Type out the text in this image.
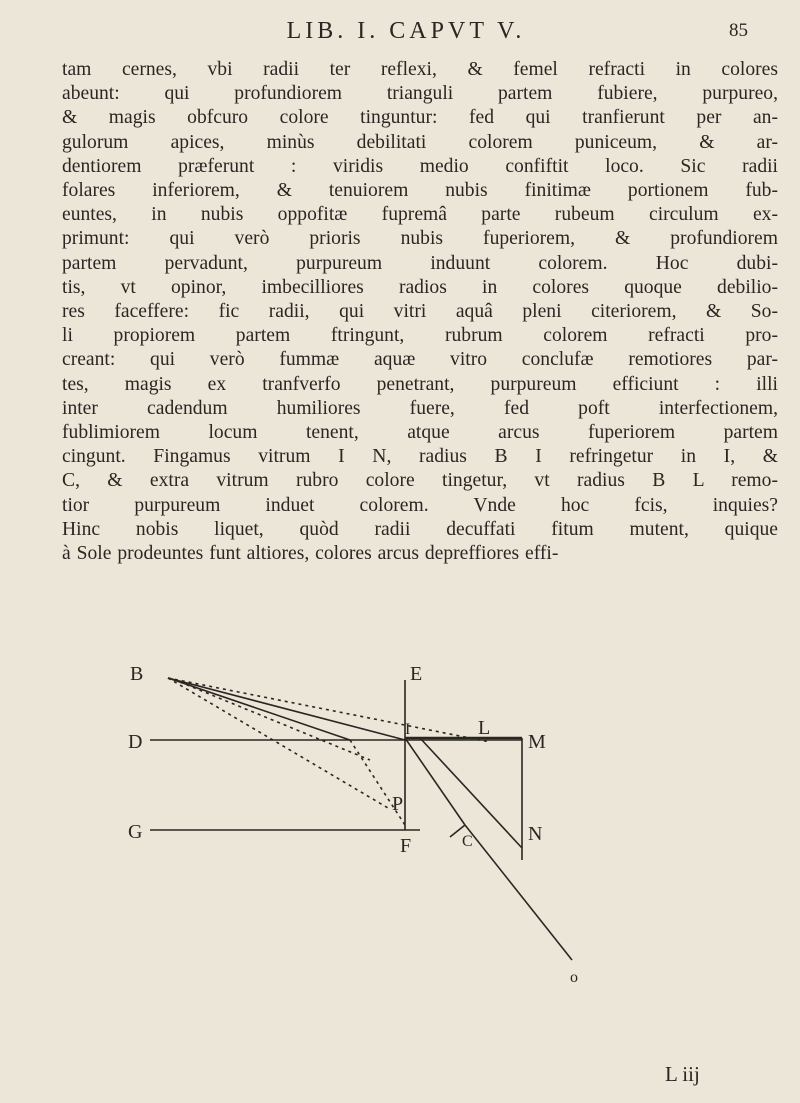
LIB. I. CAPVT V.	85
tam cernes, vbi radii ter reflexi, & femel refracti in colores
abeunt: qui profundiorem trianguli partem fubiere, purpureo,
& magis obfcuro colore tinguntur: fed qui tranfierunt per an-
gulorum apices, minùs debilitati colorem puniceum, & ar-
dentiorem præferunt : viridis medio confiftit loco. Sic radii
folares inferiorem, & tenuiorem nubis finitimæ portionem fub-
euntes, in nubis oppofitæ fupremâ parte rubeum circulum ex-
primunt: qui verò prioris nubis fuperiorem, & profundiorem
partem pervadunt, purpureum induunt colorem. Hoc dubi-
tis, vt opinor, imbecilliores radios in colores quoque debilio-
res faceffere: fic radii, qui vitri aquâ pleni citeriorem, & So-
li propiorem partem ftringunt, rubrum colorem refracti pro-
creant: qui verò fummæ aquæ vitro conclufæ remotiores par-
tes, magis ex tranfverfo penetrant, purpureum efficiunt : illi
inter cadendum humiliores fuere, fed poft interfectionem,
fublimiorem locum tenent, atque arcus fuperiorem partem
cingunt. Fingamus vitrum I N, radius B I refringetur in I, &
C, & extra vitrum rubro colore tingetur, vt radius B L remo-
tior purpureum induet colorem. Vnde hoc fcis, inquies?
Hinc nobis liquet, quòd radii decuffati fitum mutent, quique
à Sole prodeuntes funt altiores, colores arcus depreffiores effi-
B	E
D
I	L
M
P
G
F	C	N
o
L iij
